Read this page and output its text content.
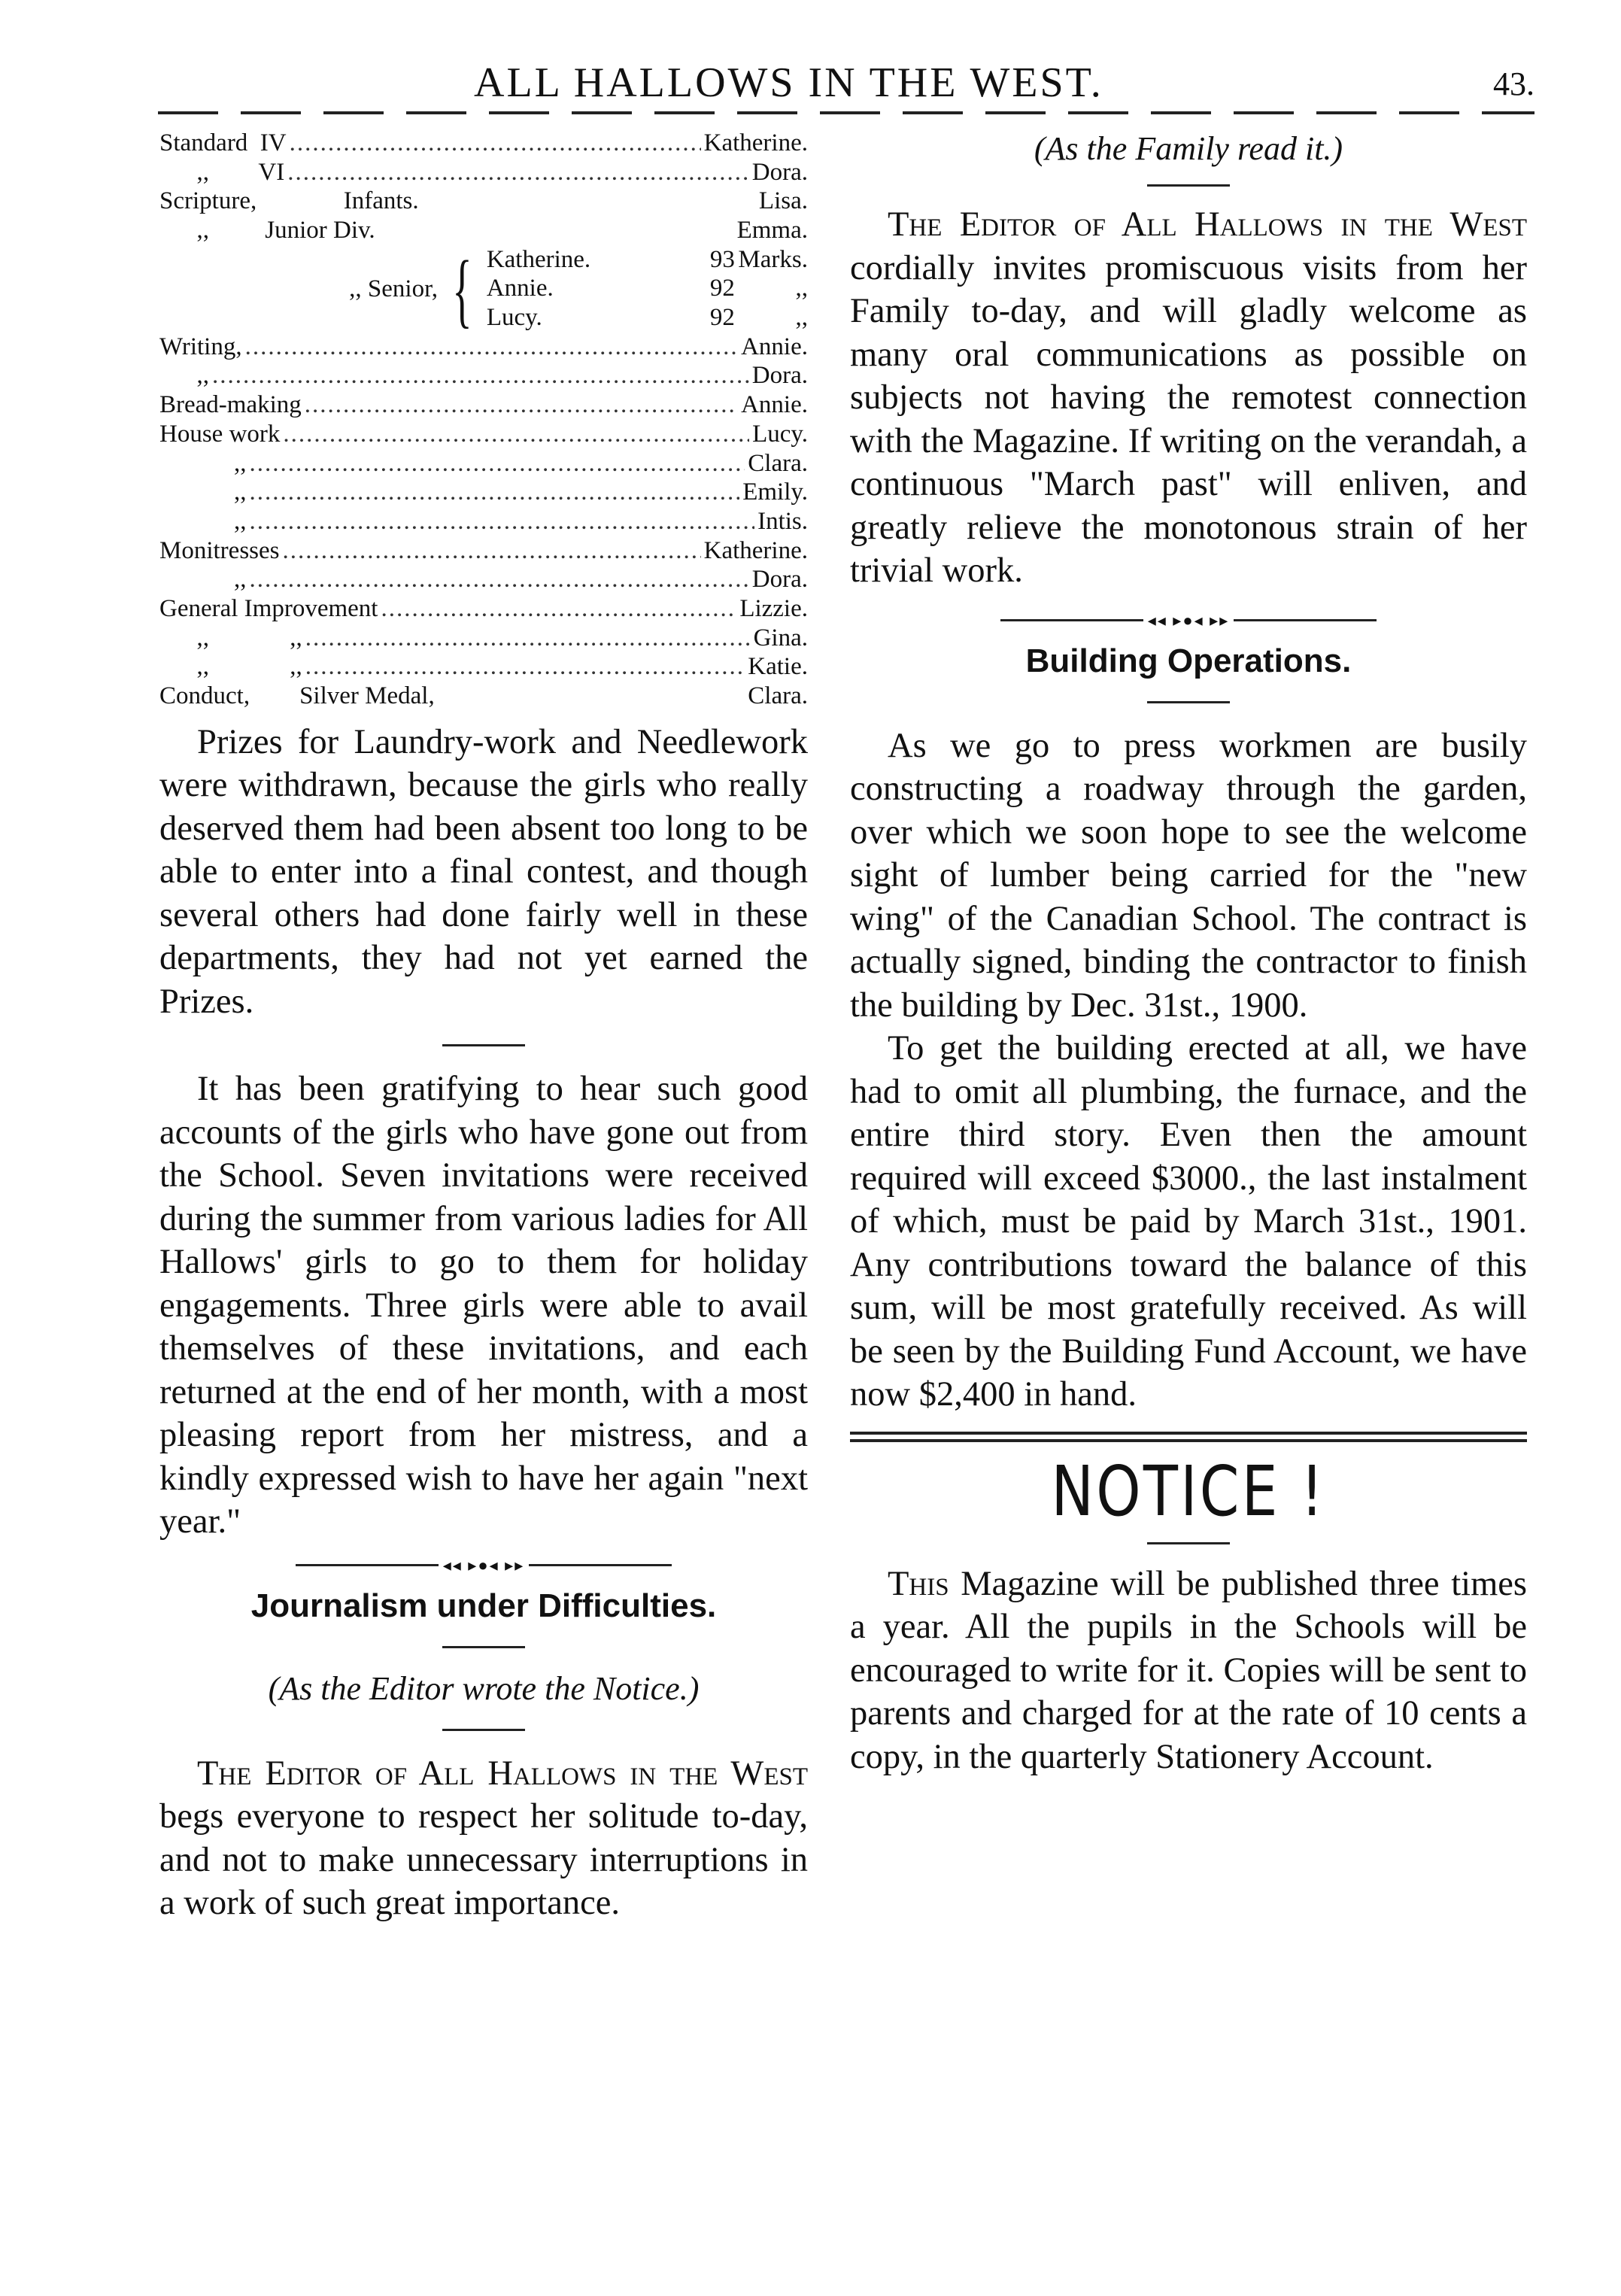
ALL HALLOWS IN THE WEST.	43.
Standard  IV .....	Katherine.
,,        VI .....	Dora.
Scripture,              Infants.	Lisa.
,,         Junior Div.	Emma.
,, Senior, { Katherine.	93 Marks.
Annie.	92	,,
Lucy.	92	,,
Writing, .....	Annie.
,, .....	Dora.
Bread-making .....	Annie.
House work .....	Lucy.
,, .....	Clara.
,, .....	Emily.
,, .....	Intis.
Monitresses .....	Katherine.
,, .....	Dora.
General Improvement .....	Lizzie.
,,             ,, .....	Gina.
,,             ,, .....	Katie.
Conduct,        Silver Medal,	Clara.

Prizes for Laundry-work and Needlework were withdrawn, because the girls who really deserved them had been absent too long to be able to enter into a final contest, and though several others had done fairly well in these departments, they had not yet earned the Prizes.

It has been gratifying to hear such good accounts of the girls who have gone out from the School. Seven invitations were received during the summer from various ladies for All Hallows' girls to go to them for holiday engagements. Three girls were able to avail themselves of these invitations, and each returned at the end of her month, with a most pleasing report from her mistress, and a kindly expressed wish to have her again "next year."

◂◂ ▸●◂ ▸▸
Journalism under Difficulties.
(As the Editor wrote the Notice.)

The Editor of All Hallows in the West begs everyone to respect her solitude to-day, and not to make unnecessary interruptions in a work of such great importance.

(As the Family read it.)

The Editor of All Hallows in the West cordially invites promiscuous visits from her Family to-day, and will gladly welcome as many oral communications as possible on subjects not having the remotest connection with the Magazine. If writing on the verandah, a continuous "March past" will enliven, and greatly relieve the monotonous strain of her trivial work.

◂◂ ▸●◂ ▸▸
Building Operations.

As we go to press workmen are busily constructing a roadway through the garden, over which we soon hope to see the welcome sight of lumber being carried for the "new wing" of the Canadian School. The contract is actually signed, binding the contractor to finish the building by Dec. 31st., 1900.

To get the building erected at all, we have had to omit all plumbing, the furnace, and the entire third story. Even then the amount required will exceed $3000., the last instalment of which, must be paid by March 31st., 1901. Any contributions toward the balance of this sum, will be most gratefully received. As will be seen by the Building Fund Account, we have now $2,400 in hand.

NOTICE !

This Magazine will be published three times a year. All the pupils in the Schools will be encouraged to write for it. Copies will be sent to parents and charged for at the rate of 10 cents a copy, in the quarterly Stationery Account.
